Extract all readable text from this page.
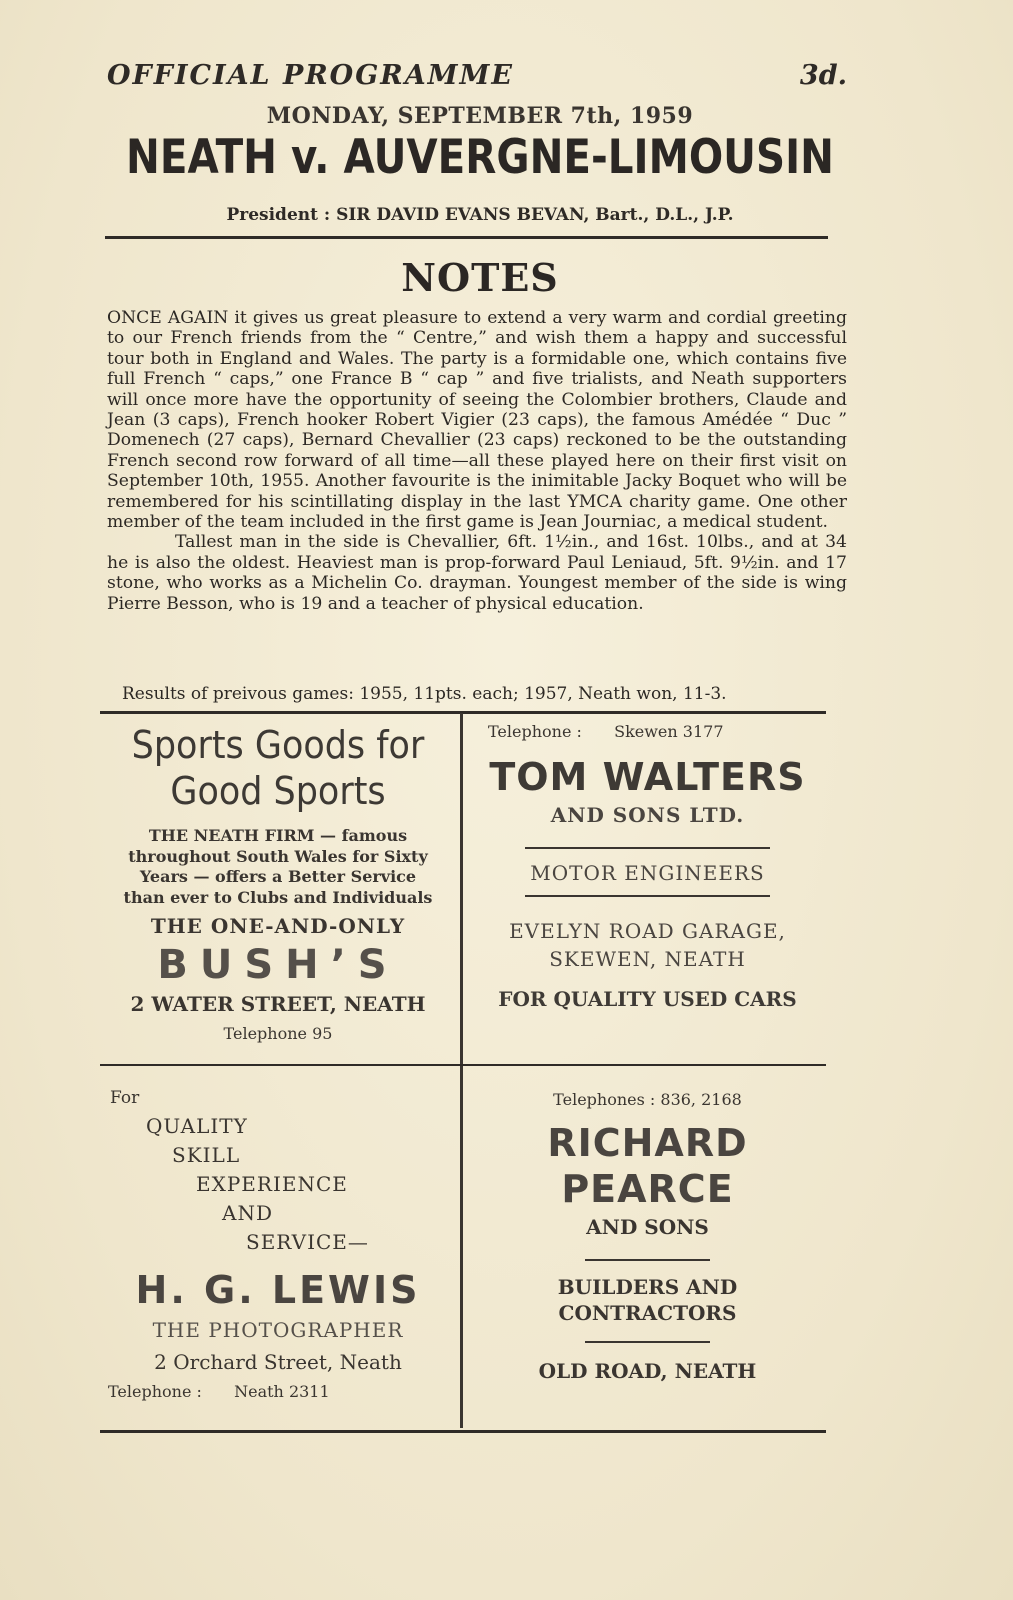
OFFICIAL PROGRAMME	3d.
MONDAY, SEPTEMBER 7th, 1959
NEATH v. AUVERGNE-LIMOUSIN
President : SIR DAVID EVANS BEVAN, Bart., D.L., J.P.
NOTES

ONCE AGAIN it gives us great pleasure to extend a very warm and cordial greeting to our French friends from the “ Centre,” and wish them a happy and successful tour both in England and Wales. The party is a formidable one, which contains five full French “ caps,” one France B “ cap ” and five trialists, and Neath supporters will once more have the opportunity of seeing the Colombier brothers, Claude and Jean (3 caps), French hooker Robert Vigier (23 caps), the famous Amédée “ Duc ” Domenech (27 caps), Bernard Chevallier (23 caps) reckoned to be the outstanding French second row forward of all time—all these played here on their first visit on September 10th, 1955. Another favourite is the inimitable Jacky Boquet who will be remembered for his scintillating display in the last YMCA charity game. One other member of the team included in the first game is Jean Journiac, a medical student.

Tallest man in the side is Chevallier, 6ft. 1½in., and 16st. 10lbs., and at 34 he is also the oldest. Heaviest man is prop-forward Paul Leniaud, 5ft. 9½in. and 17 stone, who works as a Michelin Co. drayman. Youngest member of the side is wing Pierre Besson, who is 19 and a teacher of physical education.

Results of preivous games: 1955, 11pts. each; 1957, Neath won, 11-3.
Sports Goods for
Good Sports
THE NEATH FIRM — famous
throughout South Wales for Sixty
Years — offers a Better Service
than ever to Clubs and Individuals
THE ONE-AND-ONLY
BUSH’S
2 WATER STREET, NEATH
Telephone 95
Telephone : Skewen 3177
TOM WALTERS
AND SONS LTD.
MOTOR ENGINEERS
EVELYN ROAD GARAGE,
SKEWEN, NEATH
FOR QUALITY USED CARS
For
QUALITY
SKILL
EXPERIENCE
AND
SERVICE—
H. G. LEWIS
THE PHOTOGRAPHER
2 Orchard Street, Neath
Telephone : Neath 2311
Telephones : 836, 2168
RICHARD
PEARCE
AND SONS
BUILDERS AND
CONTRACTORS
OLD ROAD, NEATH
